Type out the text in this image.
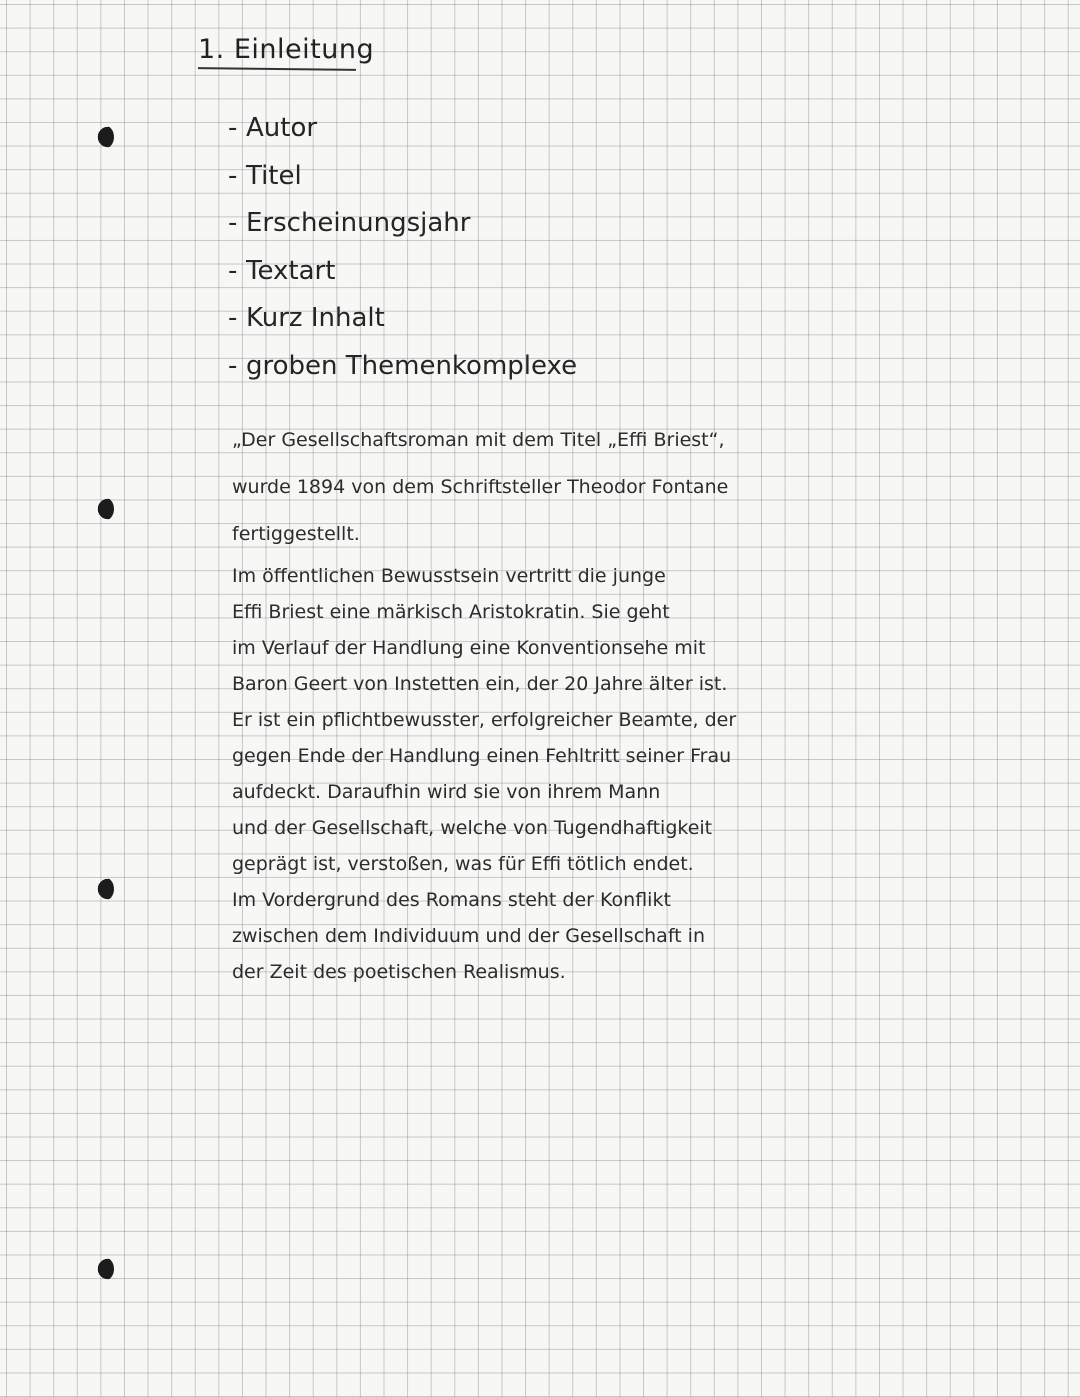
1. Einleitung
- Autor
- Titel
- Erscheinungsjahr
- Textart
- Kurz Inhalt
- groben Themenkomplexe
„Der Gesellschaftsroman mit dem Titel „Effi Briest“,
wurde 1894 von dem Schriftsteller Theodor Fontane
fertiggestellt.
Im öffentlichen Bewusstsein vertritt die junge
Effi Briest eine märkisch Aristokratin. Sie geht
im Verlauf der Handlung eine Konventionsehe mit
Baron Geert von Instetten ein, der 20 Jahre älter ist.
Er ist ein pflichtbewusster, erfolgreicher Beamte, der
gegen Ende der Handlung einen Fehltritt seiner Frau
aufdeckt. Daraufhin wird sie von ihrem Mann
und der Gesellschaft, welche von Tugendhaftigkeit
geprägt ist, verstoßen, was für Effi tötlich endet.
Im Vordergrund des Romans steht der Konflikt
zwischen dem Individuum und der Gesellschaft in
der Zeit des poetischen Realismus.
